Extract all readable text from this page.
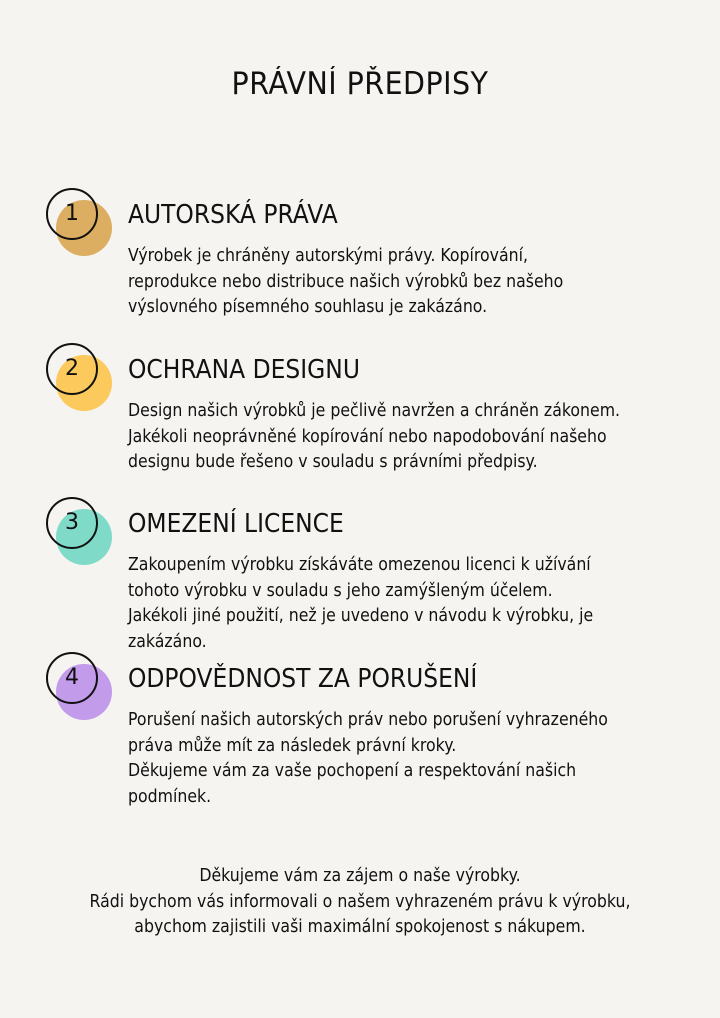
PRÁVNÍ PŘEDPISY
1	AUTORSKÁ PRÁVA

Výrobek je chráněny autorskými právy. Kopírování,
reprodukce nebo distribuce našich výrobků bez našeho
výslovného písemného souhlasu je zakázáno.

2	OCHRANA DESIGNU

Design našich výrobků je pečlivě navržen a chráněn zákonem.
Jakékoli neoprávněné kopírování nebo napodobování našeho
designu bude řešeno v souladu s právními předpisy.

3	OMEZENÍ LICENCE

Zakoupením výrobku získáváte omezenou licenci k užívání
tohoto výrobku v souladu s jeho zamýšleným účelem.
Jakékoli jiné použití, než je uvedeno v návodu k výrobku, je
zakázáno.

4	ODPOVĚDNOST ZA PORUŠENÍ

Porušení našich autorských práv nebo porušení vyhrazeného
práva může mít za následek právní kroky.
Děkujeme vám za vaše pochopení a respektování našich
podmínek.

Děkujeme vám za zájem o naše výrobky.
Rádi bychom vás informovali o našem vyhrazeném právu k výrobku,
abychom zajistili vaši maximální spokojenost s nákupem.
